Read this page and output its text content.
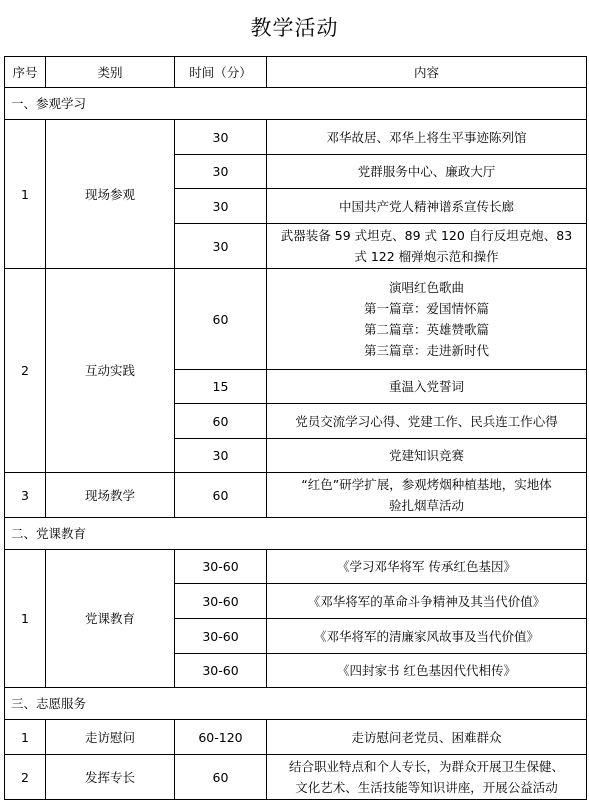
教学活动
序号	类别	时间（分）	内容
一、参观学习			
1	现场参观	30	邓华故居、邓华上将生平事迹陈列馆

		30	党群服务中心、廉政大厅

		30	中国共产党人精神谱系宣传长廊

		30	武器装备 59 式坦克、89 式 120 自行反坦克炮、83
式 122 榴弹炮示范和操作

2	互动实践	60	演唱红色歌曲
第一篇章：爱国情怀篇
第二篇章：英雄赞歌篇
第三篇章：走进新时代

		15	重温入党誓词

		60	党员交流学习心得、党建工作、民兵连工作心得

		30	党建知识竞赛

3	现场教学	60	“红色”研学扩展，参观烤烟种植基地，实地体
验扎烟草活动

二、党课教育			
1	党课教育	30-60	《学习邓华将军 传承红色基因》

		30-60	《邓华将军的革命斗争精神及其当代价值》

		30-60	《邓华将军的清廉家风故事及当代价值》

		30-60	《四封家书 红色基因代代相传》

三、志愿服务			
1	走访慰问	60-120	走访慰问老党员、困难群众

2	发挥专长	60	结合职业特点和个人专长，为群众开展卫生保健、
文化艺术、生活技能等知识讲座，开展公益活动
